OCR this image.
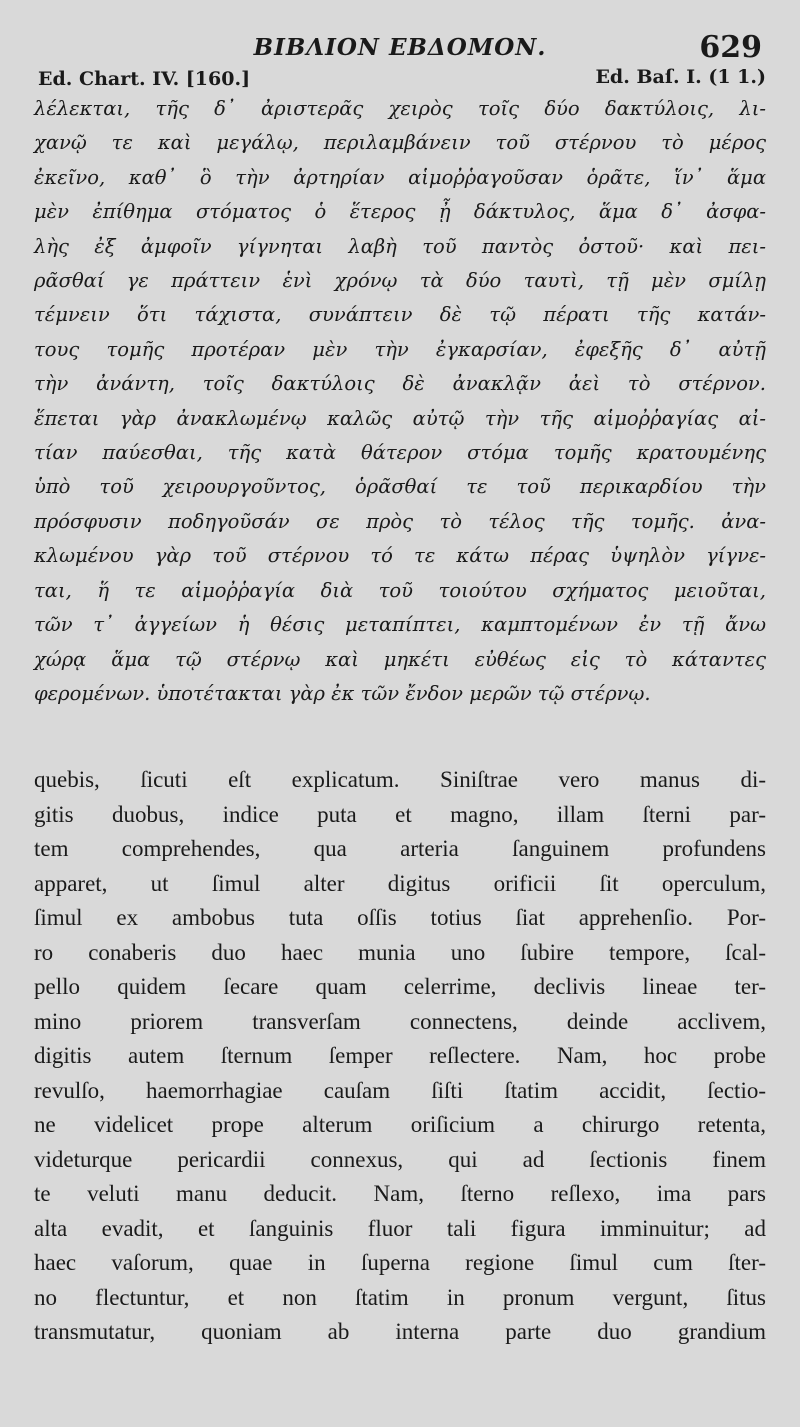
BIBΛΙΟΝ ΕΒΔΟΜΟΝ.	629
Ed. Chart. IV. [160.]	Ed. Baſ. I. (1 1.)
λέλεκται, τῆς δ᾽ ἀριστερᾶς χειρὸς τοῖς δύο δακτύλοις, λι-
χανῷ τε καὶ μεγάλῳ, περιλαμβάνειν τοῦ στέρνου τὸ μέρος
ἐκεῖνο, καθ᾽ ὃ τὴν ἀρτηρίαν αἱμοῤῥαγοῦσαν ὁρᾶτε, ἵν᾽ ἅμα
μὲν ἐπίθημα στόματος ὁ ἕτερος ᾖ δάκτυλος, ἅμα δ᾽ ἀσφα-
λὴς ἐξ ἀμφοῖν γίγνηται λαβὴ τοῦ παντὸς ὀστοῦ· καὶ πει-
ρᾶσθαί γε πράττειν ἑνὶ χρόνῳ τὰ δύο ταυτὶ, τῇ μὲν σμίλῃ
τέμνειν ὅτι τάχιστα, συνάπτειν δὲ τῷ πέρατι τῆς κατάν-
τους τομῆς προτέραν μὲν τὴν ἐγκαρσίαν, ἐφεξῆς δ᾽ αὐτῇ
τὴν ἀνάντη, τοῖς δακτύλοις δὲ ἀνακλᾷν ἀεὶ τὸ στέρνον.
ἕπεται γὰρ ἀνακλωμένῳ καλῶς αὐτῷ τὴν τῆς αἱμοῤῥαγίας αἰ-
τίαν παύεσθαι, τῆς κατὰ θάτερον στόμα τομῆς κρατουμένης
ὑπὸ τοῦ χειρουργοῦντος, ὁρᾶσθαί τε τοῦ περικαρδίου τὴν
πρόσφυσιν ποδηγοῦσάν σε πρὸς τὸ τέλος τῆς τομῆς. ἀνα-
κλωμένου γὰρ τοῦ στέρνου τό τε κάτω πέρας ὑψηλὸν γίγνε-
ται, ἥ τε αἱμοῤῥαγία διὰ τοῦ τοιούτου σχήματος μειοῦται,
τῶν τ᾽ ἀγγείων ἡ θέσις μεταπίπτει, καμπτομένων ἐν τῇ ἄνω
χώρᾳ ἅμα τῷ στέρνῳ καὶ μηκέτι εὐθέως εἰς τὸ κάταντες
φερομένων. ὑποτέτακται γὰρ ἐκ τῶν ἔνδον μερῶν τῷ στέρνῳ.
quebis, ſicuti eſt explicatum. Siniſtrae vero manus di-
gitis duobus, indice puta et magno, illam ſterni par-
tem comprehendes, qua arteria ſanguinem profundens
apparet, ut ſimul alter digitus orificii ſit operculum,
ſimul ex ambobus tuta oſſis totius ſiat apprehenſio. Por-
ro conaberis duo haec munia uno ſubire tempore, ſcal-
pello quidem ſecare quam celerrime, declivis lineae ter-
mino priorem transverſam connectens, deinde acclivem,
digitis autem ſternum ſemper reſlectere. Nam, hoc probe
revulſo, haemorrhagiae cauſam ſiſti ſtatim accidit, ſectio-
ne videlicet prope alterum oriſicium a chirurgo retenta,
videturque pericardii connexus, qui ad ſectionis finem
te veluti manu deducit. Nam, ſterno reſlexo, ima pars
alta evadit, et ſanguinis fluor tali figura imminuitur; ad
haec vaſorum, quae in ſuperna regione ſimul cum ſter-
no flectuntur, et non ſtatim in pronum vergunt, ſitus
transmutatur, quoniam ab interna parte duo grandium
